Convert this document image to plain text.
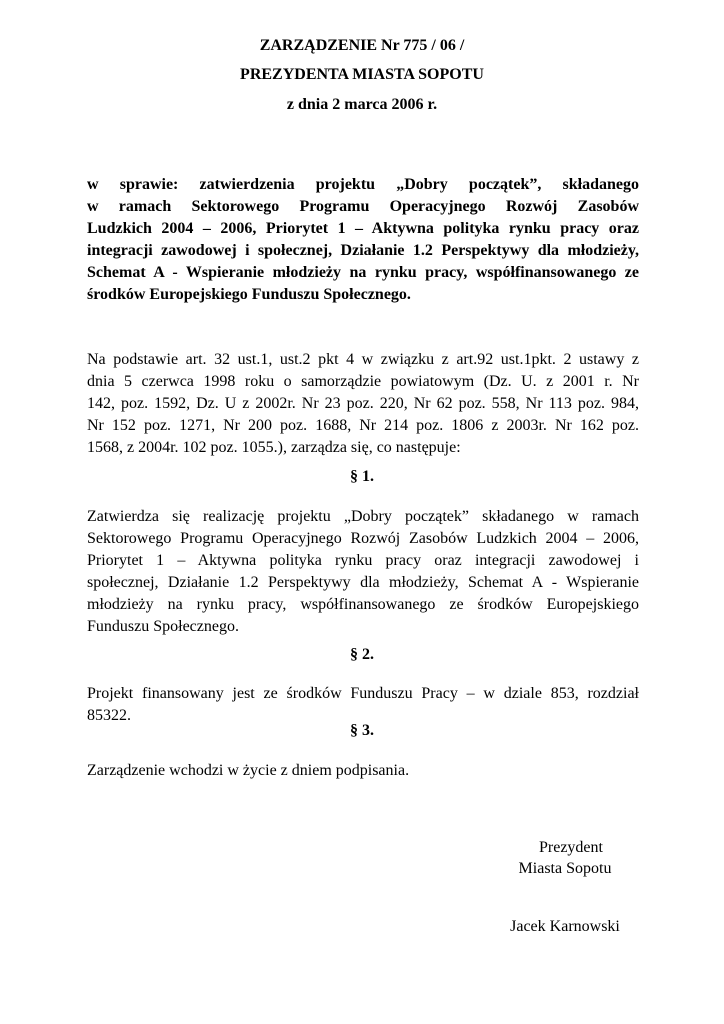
ZARZĄDZENIE Nr 775 / 06 /
PREZYDENTA MIASTA SOPOTU
z dnia 2 marca 2006 r.
w sprawie: zatwierdzenia projektu „Dobry początek”, składanego
w ramach Sektorowego Programu Operacyjnego Rozwój Zasobów
Ludzkich 2004 – 2006, Priorytet 1 – Aktywna polityka rynku pracy oraz
integracji zawodowej i społecznej, Działanie 1.2 Perspektywy dla młodzieży,
Schemat A - Wspieranie młodzieży na rynku pracy, współfinansowanego ze
środków Europejskiego Funduszu Społecznego.
Na podstawie art. 32 ust.1, ust.2 pkt 4 w związku z art.92 ust.1pkt. 2 ustawy z
dnia 5 czerwca 1998 roku o samorządzie powiatowym (Dz. U. z 2001 r. Nr
142, poz. 1592, Dz. U z 2002r. Nr 23 poz. 220, Nr 62 poz. 558, Nr 113 poz. 984,
Nr 152 poz. 1271, Nr 200 poz. 1688, Nr 214 poz. 1806 z 2003r. Nr 162 poz.
1568, z 2004r. 102 poz. 1055.), zarządza się, co następuje:
§ 1.
Zatwierdza się realizację projektu „Dobry początek” składanego w ramach
Sektorowego Programu Operacyjnego Rozwój Zasobów Ludzkich 2004 – 2006,
Priorytet 1 – Aktywna polityka rynku pracy oraz integracji zawodowej i
społecznej, Działanie 1.2 Perspektywy dla młodzieży, Schemat A - Wspieranie
młodzieży na rynku pracy, współfinansowanego ze środków Europejskiego
Funduszu Społecznego.
§ 2.
Projekt finansowany jest ze środków Funduszu Pracy – w dziale 853, rozdział
85322.
§ 3.
Zarządzenie wchodzi w życie z dniem podpisania.
Prezydent
Miasta Sopotu
Jacek Karnowski
